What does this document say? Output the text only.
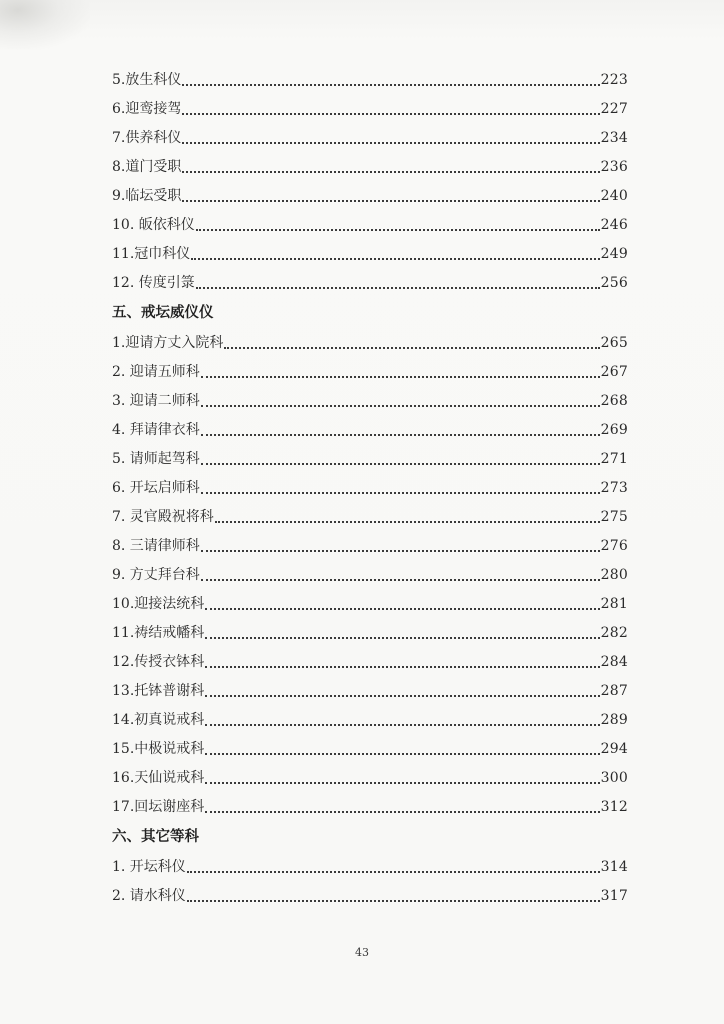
5.放生科仪	223
6.迎鸾接驾	227
7.供养科仪	234
8.道门受职	236
9.临坛受职	240
10. 皈依科仪	246
11.冠巾科仪	249
12. 传度引箓	256
五、戒坛威仪仪
1.迎请方丈入院科	265
2. 迎请五师科	267
3. 迎请二师科	268
4. 拜请律衣科	269
5. 请师起驾科	271
6. 开坛启师科	273
7. 灵官殿祝将科	275
8. 三请律师科	276
9. 方丈拜台科	280
10.迎接法统科	281
11.祷结戒幡科	282
12.传授衣钵科	284
13.托钵普谢科	287
14.初真说戒科	289
15.中极说戒科	294
16.天仙说戒科	300
17.回坛谢座科	312
六、其它等科
1. 开坛科仪	314
2. 请水科仪	317
43
